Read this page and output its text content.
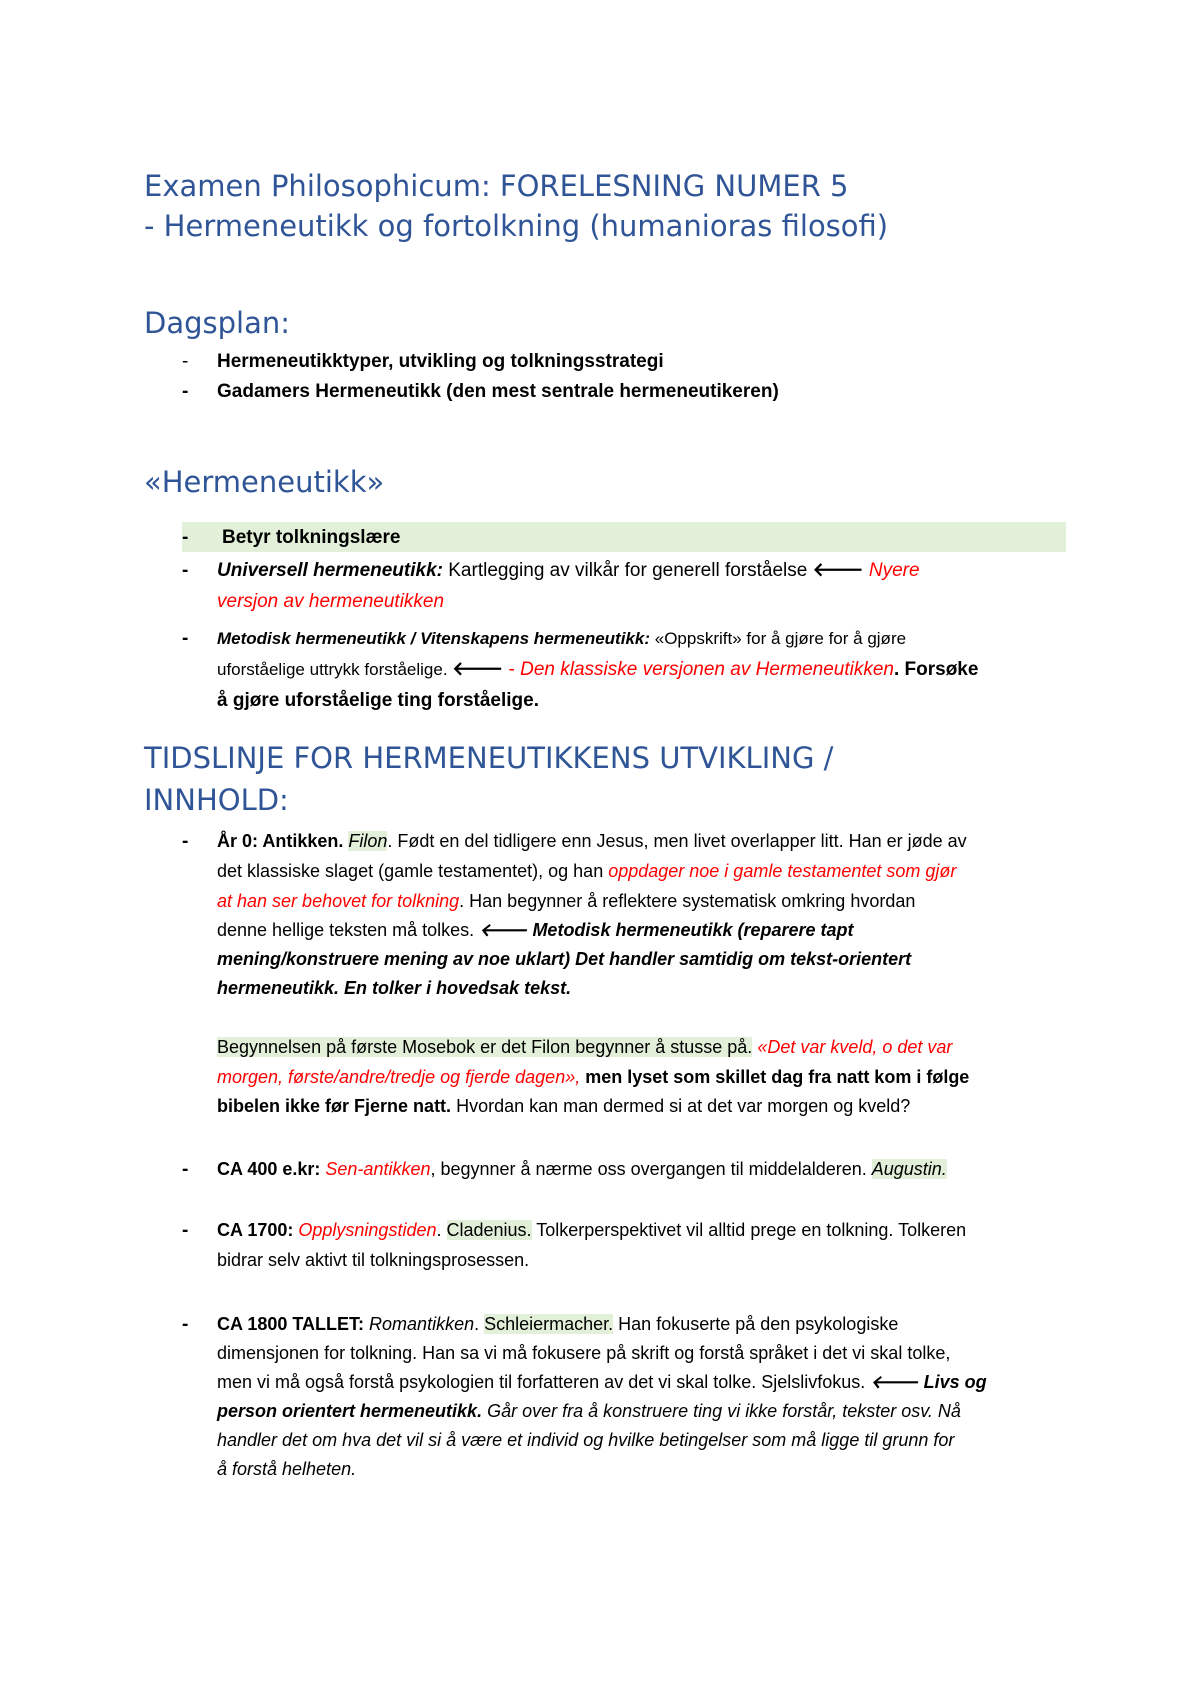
Examen Philosophicum: FORELESNING NUMER 5
- Hermeneutikk og fortolkning (humanioras filosofi)
Dagsplan:
- Hermeneutikktyper, utvikling og tolkningsstrategi
- Gadamers Hermeneutikk (den mest sentrale hermeneutikeren)
«Hermeneutikk»
- Betyr tolkningslære
- Universell hermeneutikk: Kartlegging av vilkår for generell forståelse 🡐 Nyere
versjon av hermeneutikken
- Metodisk hermeneutikk / Vitenskapens hermeneutikk: «Oppskrift» for å gjøre for å gjøre
uforståelige uttrykk forståelige. 🡐 - Den klassiske versjonen av Hermeneutikken. Forsøke
å gjøre uforståelige ting forståelige.
TIDSLINJE FOR HERMENEUTIKKENS UTVIKLING /
INNHOLD:
- År 0: Antikken. Filon. Født en del tidligere enn Jesus, men livet overlapper litt. Han er jøde av
det klassiske slaget (gamle testamentet), og han oppdager noe i gamle testamentet som gjør
at han ser behovet for tolkning. Han begynner å reflektere systematisk omkring hvordan
denne hellige teksten må tolkes. 🡐 Metodisk hermeneutikk (reparere tapt
mening/konstruere mening av noe uklart) Det handler samtidig om tekst-orientert
hermeneutikk. En tolker i hovedsak tekst.
Begynnelsen på første Mosebok er det Filon begynner å stusse på. «Det var kveld, o det var
morgen, første/andre/tredje og fjerde dagen», men lyset som skillet dag fra natt kom i følge
bibelen ikke før Fjerne natt. Hvordan kan man dermed si at det var morgen og kveld?
- CA 400 e.kr: Sen-antikken, begynner å nærme oss overgangen til middelalderen. Augustin.
- CA 1700: Opplysningstiden. Cladenius. Tolkerperspektivet vil alltid prege en tolkning. Tolkeren
bidrar selv aktivt til tolkningsprosessen.
- CA 1800 TALLET: Romantikken. Schleiermacher. Han fokuserte på den psykologiske
dimensjonen for tolkning. Han sa vi må fokusere på skrift og forstå språket i det vi skal tolke,
men vi må også forstå psykologien til forfatteren av det vi skal tolke. Sjelslivfokus. 🡐 Livs og
person orientert hermeneutikk. Går over fra å konstruere ting vi ikke forstår, tekster osv. Nå
handler det om hva det vil si å være et individ og hvilke betingelser som må ligge til grunn for
å forstå helheten.
